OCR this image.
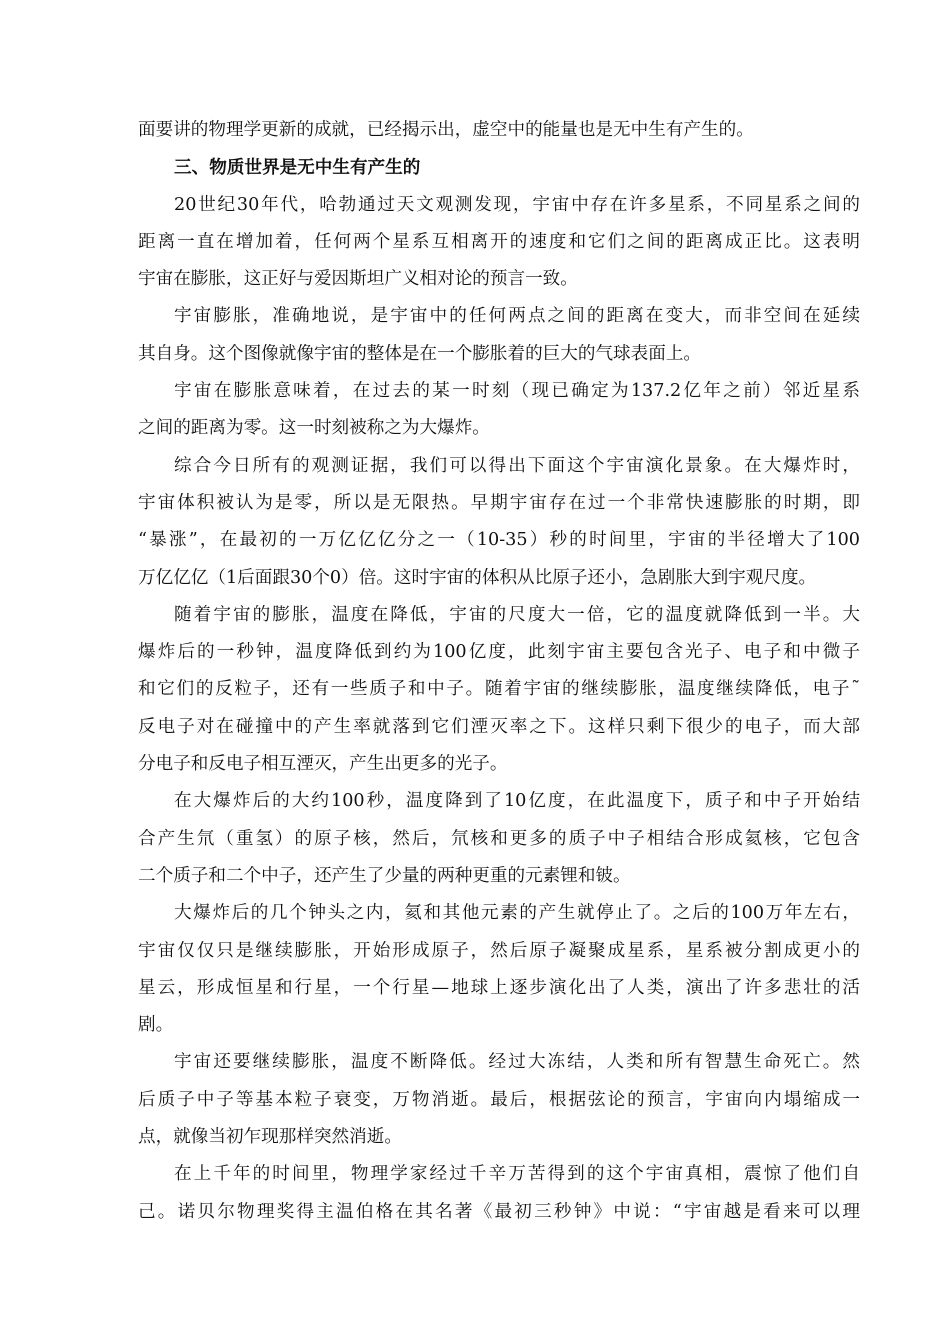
面要讲的物理学更新的成就，已经揭示出，虚空中的能量也是无中生有产生的。
三、物质世界是无中生有产生的
20世纪30年代，哈勃通过天文观测发现，宇宙中存在许多星系，不同星系之间的
距离一直在增加着，任何两个星系互相离开的速度和它们之间的距离成正比。这表明
宇宙在膨胀，这正好与爱因斯坦广义相对论的预言一致。
宇宙膨胀，准确地说，是宇宙中的任何两点之间的距离在变大，而非空间在延续
其自身。这个图像就像宇宙的整体是在一个膨胀着的巨大的气球表面上。
宇宙在膨胀意味着，在过去的某一时刻（现已确定为137.2亿年之前）邻近星系
之间的距离为零。这一时刻被称之为大爆炸。
综合今日所有的观测证据，我们可以得出下面这个宇宙演化景象。在大爆炸时，
宇宙体积被认为是零，所以是无限热。早期宇宙存在过一个非常快速膨胀的时期，即
“暴涨”，在最初的一万亿亿亿分之一（10-35）秒的时间里，宇宙的半径增大了100
万亿亿亿（1后面跟30个0）倍。这时宇宙的体积从比原子还小，急剧胀大到宇观尺度。
随着宇宙的膨胀，温度在降低，宇宙的尺度大一倍，它的温度就降低到一半。大
爆炸后的一秒钟，温度降低到约为100亿度，此刻宇宙主要包含光子、电子和中微子
和它们的反粒子，还有一些质子和中子。随着宇宙的继续膨胀，温度继续降低，电子˜
反电子对在碰撞中的产生率就落到它们湮灭率之下。这样只剩下很少的电子，而大部
分电子和反电子相互湮灭，产生出更多的光子。
在大爆炸后的大约100秒，温度降到了10亿度，在此温度下，质子和中子开始结
合产生氘（重氢）的原子核，然后，氘核和更多的质子中子相结合形成氦核，它包含
二个质子和二个中子，还产生了少量的两种更重的元素锂和铍。
大爆炸后的几个钟头之内，氦和其他元素的产生就停止了。之后的100万年左右，
宇宙仅仅只是继续膨胀，开始形成原子，然后原子凝聚成星系，星系被分割成更小的
星云，形成恒星和行星，一个行星—地球上逐步演化出了人类，演出了许多悲壮的活
剧。
宇宙还要继续膨胀，温度不断降低。经过大冻结，人类和所有智慧生命死亡。然
后质子中子等基本粒子衰变，万物消逝。最后，根据弦论的预言，宇宙向内塌缩成一
点，就像当初乍现那样突然消逝。
在上千年的时间里，物理学家经过千辛万苦得到的这个宇宙真相，震惊了他们自
己。诺贝尔物理奖得主温伯格在其名著《最初三秒钟》中说：“宇宙越是看来可以理
